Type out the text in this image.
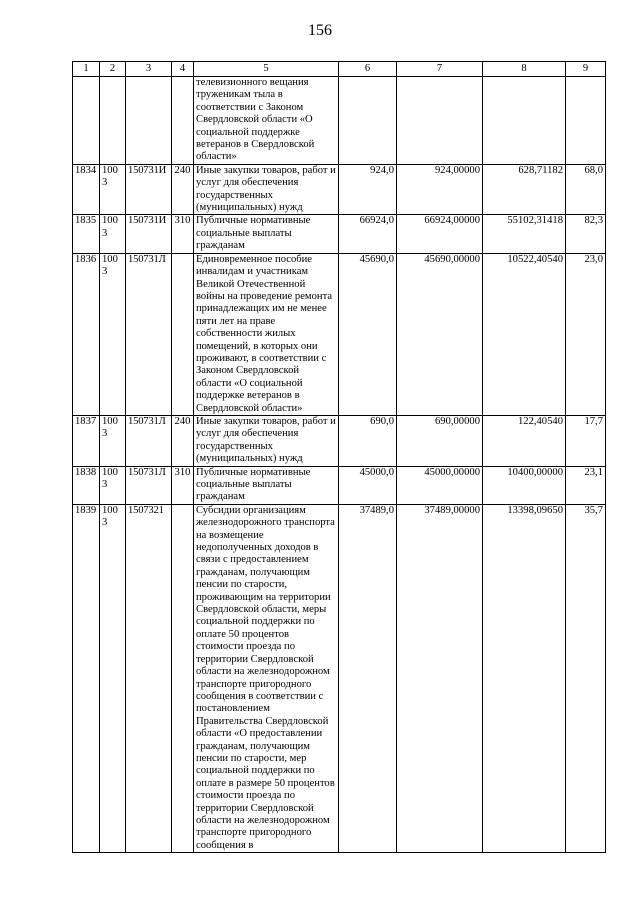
156
1	2	3	4	5	6	7	8	9
				телевизионного вещания труженикам тыла в соответствии с Законом Свердловской области «О социальной поддержке ветеранов в Свердловской области»				
1834	1003	150731И	240	Иные закупки товаров, работ и услуг для обеспечения государственных (муниципальных) нужд	924,0	924,00000	628,71182	68,0
1835	1003	150731И	310	Публичные нормативные социальные выплаты гражданам	66924,0	66924,00000	55102,31418	82,3
1836	1003	150731Л		Единовременное пособие инвалидам и участникам Великой Отечественной войны на проведение ремонта принадлежащих им не менее пяти лет на праве собственности жилых помещений, в которых они проживают, в соответствии с Законом Свердловской области «О социальной поддержке ветеранов в Свердловской области»	45690,0	45690,00000	10522,40540	23,0
1837	1003	150731Л	240	Иные закупки товаров, работ и услуг для обеспечения государственных (муниципальных) нужд	690,0	690,00000	122,40540	17,7
1838	1003	150731Л	310	Публичные нормативные социальные выплаты гражданам	45000,0	45000,00000	10400,00000	23,1
1839	1003	1507321		Субсидии организациям железнодорожного транспорта на возмещение недополученных доходов в связи с предоставлением гражданам, получающим пенсии по старости, проживающим на территории Свердловской области, меры социальной поддержки по оплате 50 процентов стоимости проезда по территории Свердловской области на железнодорожном транспорте пригородного сообщения в соответствии с постановлением Правительства Свердловской области «О предоставлении гражданам, получающим пенсии по старости, мер социальной поддержки по оплате в размере 50 процентов стоимости проезда по территории Свердловской области на железнодорожном транспорте пригородного сообщения в	37489,0	37489,00000	13398,09650	35,7
